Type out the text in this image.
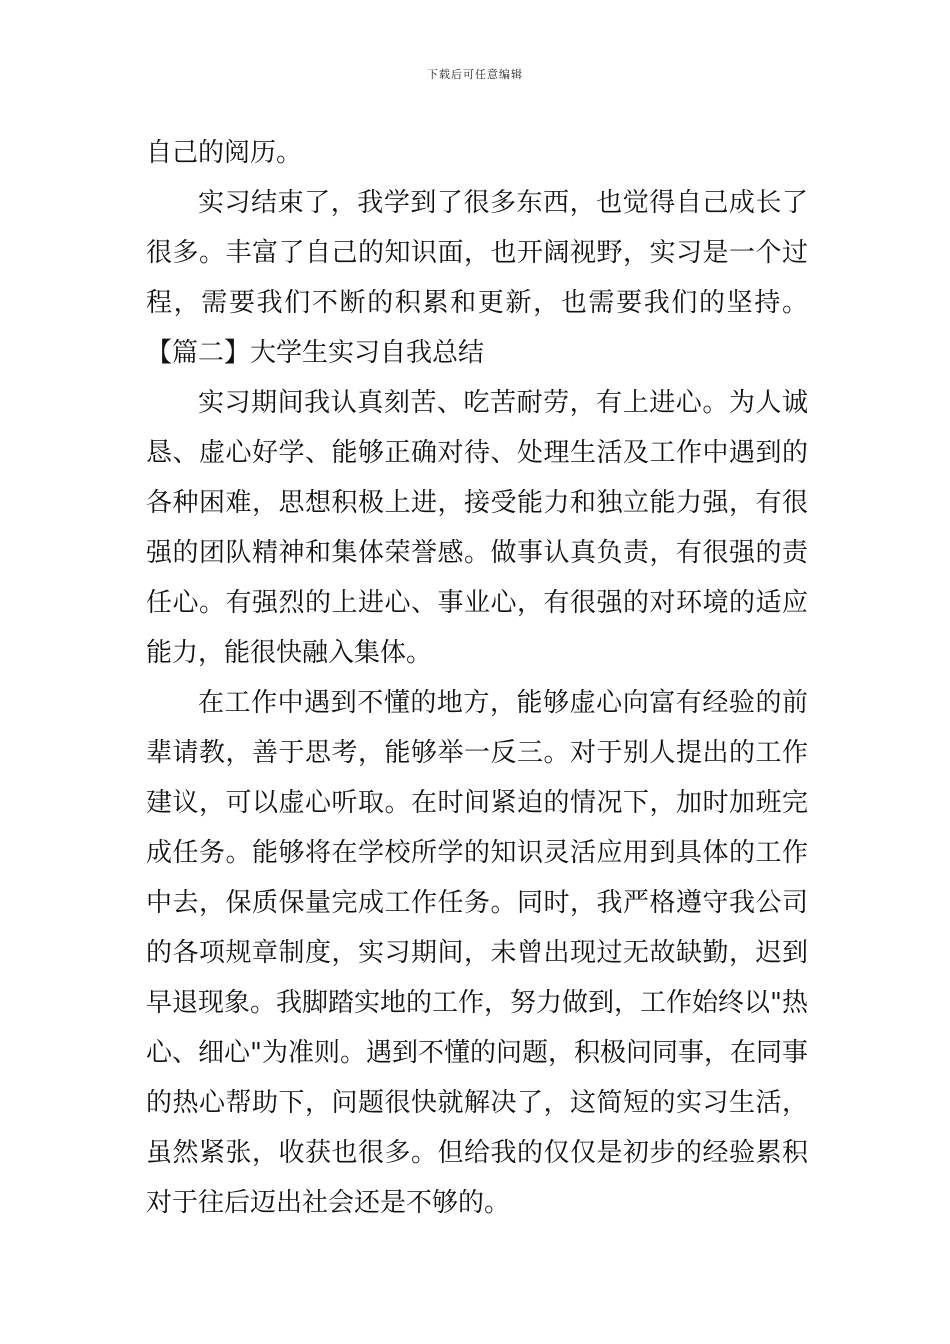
下载后可任意编辑
自己的阅历。
实习结束了，我学到了很多东西，也觉得自己成长了
很多。丰富了自己的知识面，也开阔视野，实习是一个过
程，需要我们不断的积累和更新，也需要我们的坚持。
【篇二】大学生实习自我总结
实习期间我认真刻苦、吃苦耐劳，有上进心。为人诚
恳、虚心好学、能够正确对待、处理生活及工作中遇到的
各种困难，思想积极上进，接受能力和独立能力强，有很
强的团队精神和集体荣誉感。做事认真负责，有很强的责
任心。有强烈的上进心、事业心，有很强的对环境的适应
能力，能很快融入集体。
在工作中遇到不懂的地方，能够虚心向富有经验的前
辈请教，善于思考，能够举一反三。对于别人提出的工作
建议，可以虚心听取。在时间紧迫的情况下，加时加班完
成任务。能够将在学校所学的知识灵活应用到具体的工作
中去，保质保量完成工作任务。同时，我严格遵守我公司
的各项规章制度，实习期间，未曾出现过无故缺勤，迟到
早退现象。我脚踏实地的工作，努力做到，工作始终以"热
心、细心"为准则。遇到不懂的问题，积极问同事，在同事
的热心帮助下，问题很快就解决了，这简短的实习生活，
虽然紧张，收获也很多。但给我的仅仅是初步的经验累积
对于往后迈出社会还是不够的。
